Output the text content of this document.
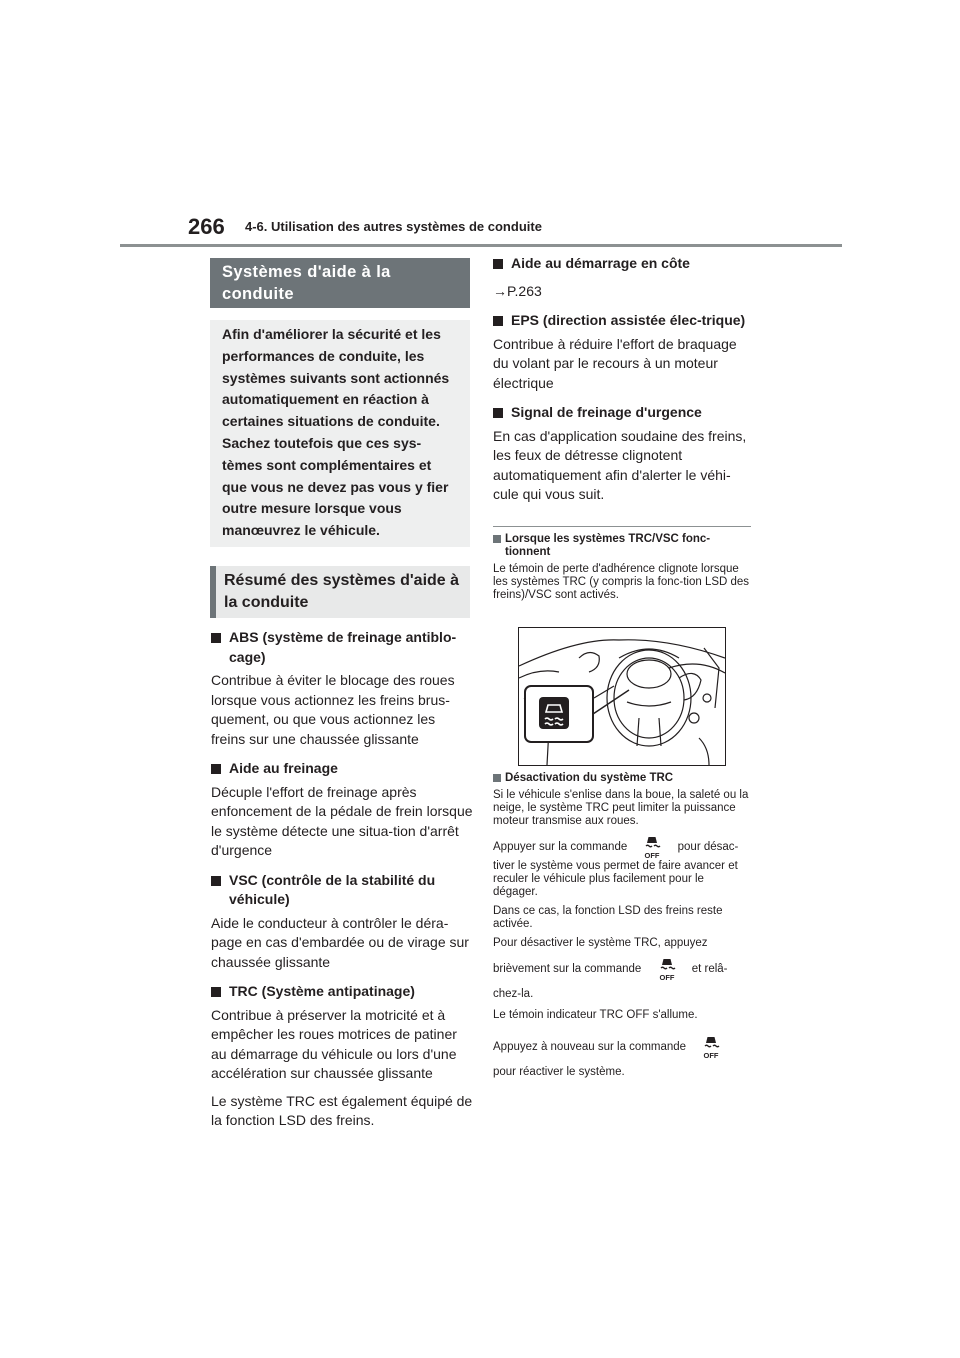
266 4-6. Utilisation des autres systèmes de conduite
Systèmes d'aide à la conduite
Afin d'améliorer la sécurité et les
performances de conduite, les
systèmes suivants sont actionnés
automatiquement en réaction à
certaines situations de conduite.
Sachez toutefois que ces sys-
tèmes sont complémentaires et
que vous ne devez pas vous y fier
outre mesure lorsque vous
manœuvrez le véhicule.
Résumé des systèmes d'aide à la conduite

ABS (système de freinage antiblo-cage)

Contribue à éviter le blocage des roues lorsque vous actionnez les freins brus-quement, ou que vous actionnez les freins sur une chaussée glissante

Aide au freinage

Décuple l'effort de freinage après enfoncement de la pédale de frein lorsque le système détecte une situa-tion d'arrêt d'urgence

VSC (contrôle de la stabilité du véhicule)

Aide le conducteur à contrôler le déra-page en cas d'embardée ou de virage sur chaussée glissante

TRC (Système antipatinage)

Contribue à préserver la motricité et à empêcher les roues motrices de patiner au démarrage du véhicule ou lors d'une accélération sur chaussée glissante

Le système TRC est également équipé de la fonction LSD des freins.

Aide au démarrage en côte

→P.263

EPS (direction assistée élec-trique)

Contribue à réduire l'effort de braquage du volant par le recours à un moteur électrique

Signal de freinage d'urgence

En cas d'application soudaine des freins, les feux de détresse clignotent automatiquement afin d'alerter le véhi-cule qui vous suit.

Lorsque les systèmes TRC/VSC fonc-tionnent
Le témoin de perte d'adhérence clignote lorsque les systèmes TRC (y compris la fonc-tion LSD des freins)/VSC sont activés.
Désactivation du système TRC
Si le véhicule s'enlise dans la boue, la saleté ou la neige, le système TRC peut limiter la puissance moteur transmise aux roues.
Appuyer sur la commande
OFF
pour désac-
tiver le système vous permet de faire avancer et reculer le véhicule plus facilement pour le dégager.
Dans ce cas, la fonction LSD des freins reste activée.
Pour désactiver le système TRC, appuyez
brièvement sur la commande
OFF
et relâ-
chez-la.
Le témoin indicateur TRC OFF s'allume.
Appuyez à nouveau sur la commande
OFF
pour réactiver le système.
